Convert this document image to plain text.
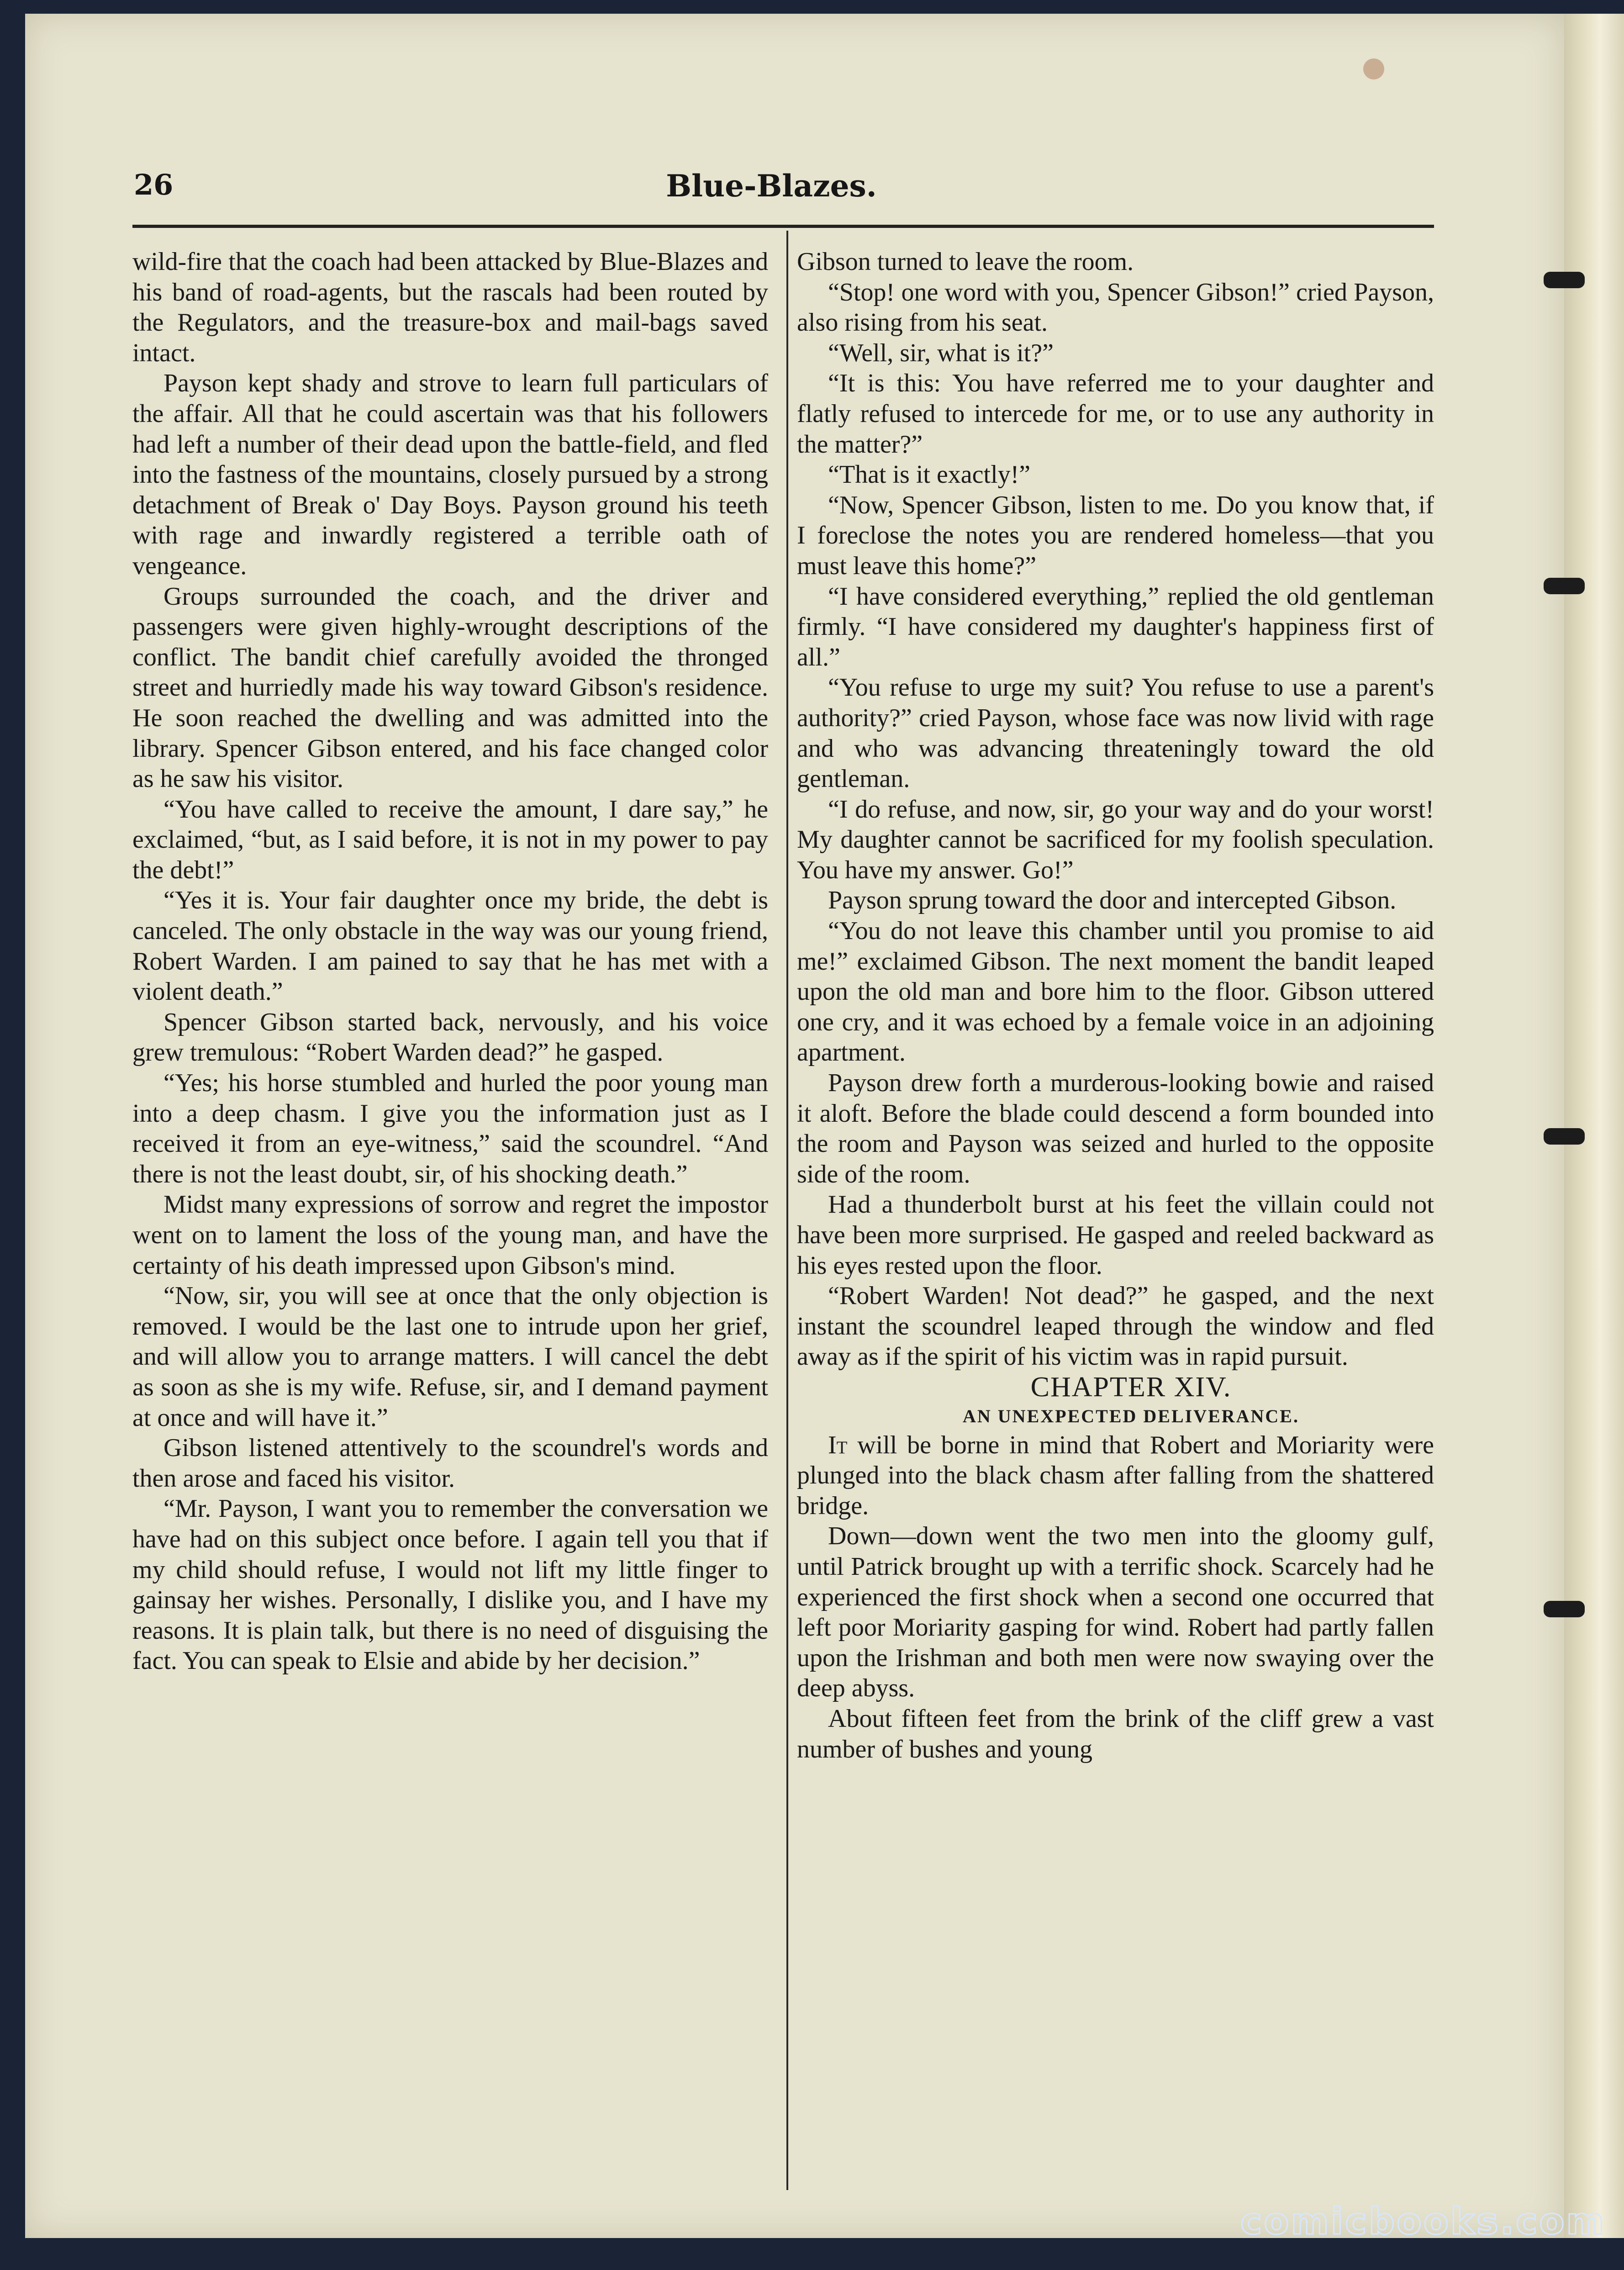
26	Blue-Blazes.

wild-fire that the coach had been attacked by Blue-Blazes and his band of road-agents, but the rascals had been routed by the Regulators, and the treasure-box and mail-bags saved intact.

Payson kept shady and strove to learn full particulars of the affair. All that he could ascertain was that his followers had left a number of their dead upon the battle-field, and fled into the fastness of the mountains, closely pursued by a strong detachment of Break o' Day Boys. Payson ground his teeth with rage and inwardly registered a terrible oath of vengeance.

Groups surrounded the coach, and the driver and passengers were given highly-wrought descriptions of the conflict. The bandit chief carefully avoided the thronged street and hurriedly made his way toward Gibson's residence. He soon reached the dwelling and was admitted into the library. Spencer Gibson entered, and his face changed color as he saw his visitor.

“You have called to receive the amount, I dare say,” he exclaimed, “but, as I said before, it is not in my power to pay the debt!”

“Yes it is. Your fair daughter once my bride, the debt is canceled. The only obstacle in the way was our young friend, Robert Warden. I am pained to say that he has met with a violent death.”

Spencer Gibson started back, nervously, and his voice grew tremulous: “Robert Warden dead?” he gasped.

“Yes; his horse stumbled and hurled the poor young man into a deep chasm. I give you the information just as I received it from an eye-witness,” said the scoundrel. “And there is not the least doubt, sir, of his shocking death.”

Midst many expressions of sorrow and regret the impostor went on to lament the loss of the young man, and have the certainty of his death impressed upon Gibson's mind.

“Now, sir, you will see at once that the only objection is removed. I would be the last one to intrude upon her grief, and will allow you to arrange matters. I will cancel the debt as soon as she is my wife. Refuse, sir, and I demand payment at once and will have it.”

Gibson listened attentively to the scoundrel's words and then arose and faced his visitor.

“Mr. Payson, I want you to remember the conversation we have had on this subject once before. I again tell you that if my child should refuse, I would not lift my little finger to gainsay her wishes. Personally, I dislike you, and I have my reasons. It is plain talk, but there is no need of disguising the fact. You can speak to Elsie and abide by her decision.”

Gibson turned to leave the room.

“Stop! one word with you, Spencer Gibson!” cried Payson, also rising from his seat.

“Well, sir, what is it?”

“It is this: You have referred me to your daughter and flatly refused to intercede for me, or to use any authority in the matter?”

“That is it exactly!”

“Now, Spencer Gibson, listen to me. Do you know that, if I foreclose the notes you are rendered homeless—that you must leave this home?”

“I have considered everything,” replied the old gentleman firmly. “I have considered my daughter's happiness first of all.”

“You refuse to urge my suit? You refuse to use a parent's authority?” cried Payson, whose face was now livid with rage and who was advancing threateningly toward the old gentleman.

“I do refuse, and now, sir, go your way and do your worst! My daughter cannot be sacrificed for my foolish speculation. You have my answer. Go!”

Payson sprung toward the door and intercepted Gibson.

“You do not leave this chamber until you promise to aid me!” exclaimed Gibson. The next moment the bandit leaped upon the old man and bore him to the floor. Gibson uttered one cry, and it was echoed by a female voice in an adjoining apartment.

Payson drew forth a murderous-looking bowie and raised it aloft. Before the blade could descend a form bounded into the room and Payson was seized and hurled to the opposite side of the room.

Had a thunderbolt burst at his feet the villain could not have been more surprised. He gasped and reeled backward as his eyes rested upon the floor.

“Robert Warden! Not dead?” he gasped, and the next instant the scoundrel leaped through the window and fled away as if the spirit of his victim was in rapid pursuit.

CHAPTER XIV.

AN UNEXPECTED DELIVERANCE.

It will be borne in mind that Robert and Moriarity were plunged into the black chasm after falling from the shattered bridge.

Down—down went the two men into the gloomy gulf, until Patrick brought up with a terrific shock. Scarcely had he experienced the first shock when a second one occurred that left poor Moriarity gasping for wind. Robert had partly fallen upon the Irishman and both men were now swaying over the deep abyss.

About fifteen feet from the brink of the cliff grew a vast number of bushes and young

comicbooks.com
